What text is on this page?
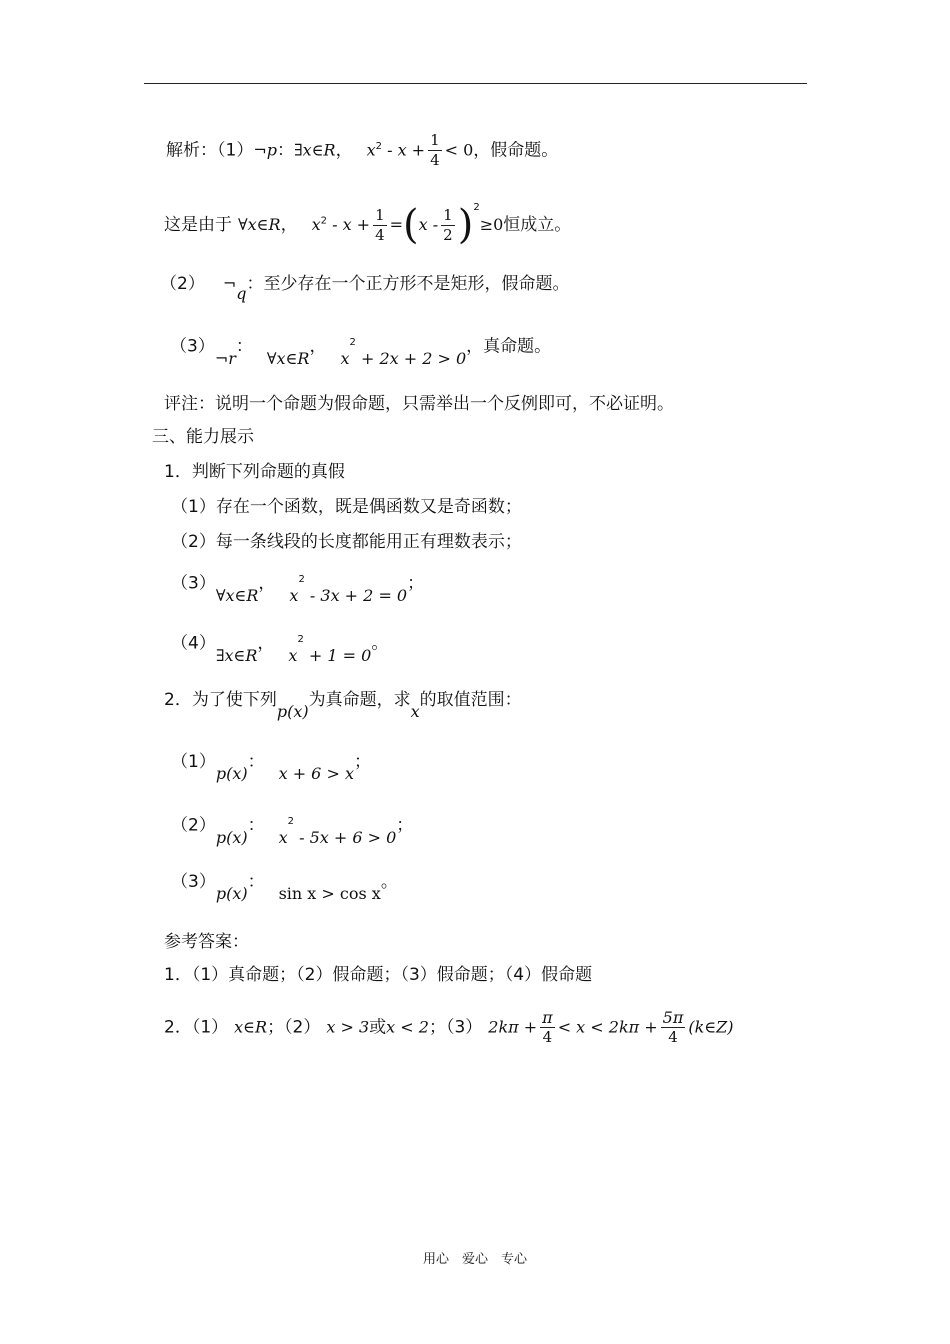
解析：（1）¬p：∃x∈R， $x^2 - x + \frac{1}{4} < 0$，假命题。
这是由于 ∀x∈R， $x^2 - x + \frac{1}{4} =(x - \frac{1}{2} )^2\ge 0$恒成立。
（2） ¬q：至少存在一个正方形不是矩形，假命题。
（3）¬r：∀x∈R，$x^2 + 2x + 2 > 0$，真命题。
评注：说明一个命题为假命题，只需举出一个反例即可，不必证明。
三、能力展示
1．判断下列命题的真假
（1）存在一个函数，既是偶函数又是奇函数；
（2）每一条线段的长度都能用正有理数表示；
（3）∀x∈R，$x^2 - 3x + 2 = 0$；
（4）∃x∈R，$x^2 + 1 = 0$。
2．为了使下列p(x)为真命题，求x的取值范围：
（1）p(x)：x + 6 > x；
（2）p(x)：$x^2 - 5x + 6 > 0$；
（3）p(x)：sin x > cos x。
参考答案：
1．（1）真命题；（2）假命题；（3）假命题；（4）假命题
2．（1） x∈R；（2） x > 3或x < 2；（3） $2k\pi + \frac{\pi}{4} < x < 2k\pi + \frac{5\pi}{4}$ (k∈Z)
用心　爱心　专心
